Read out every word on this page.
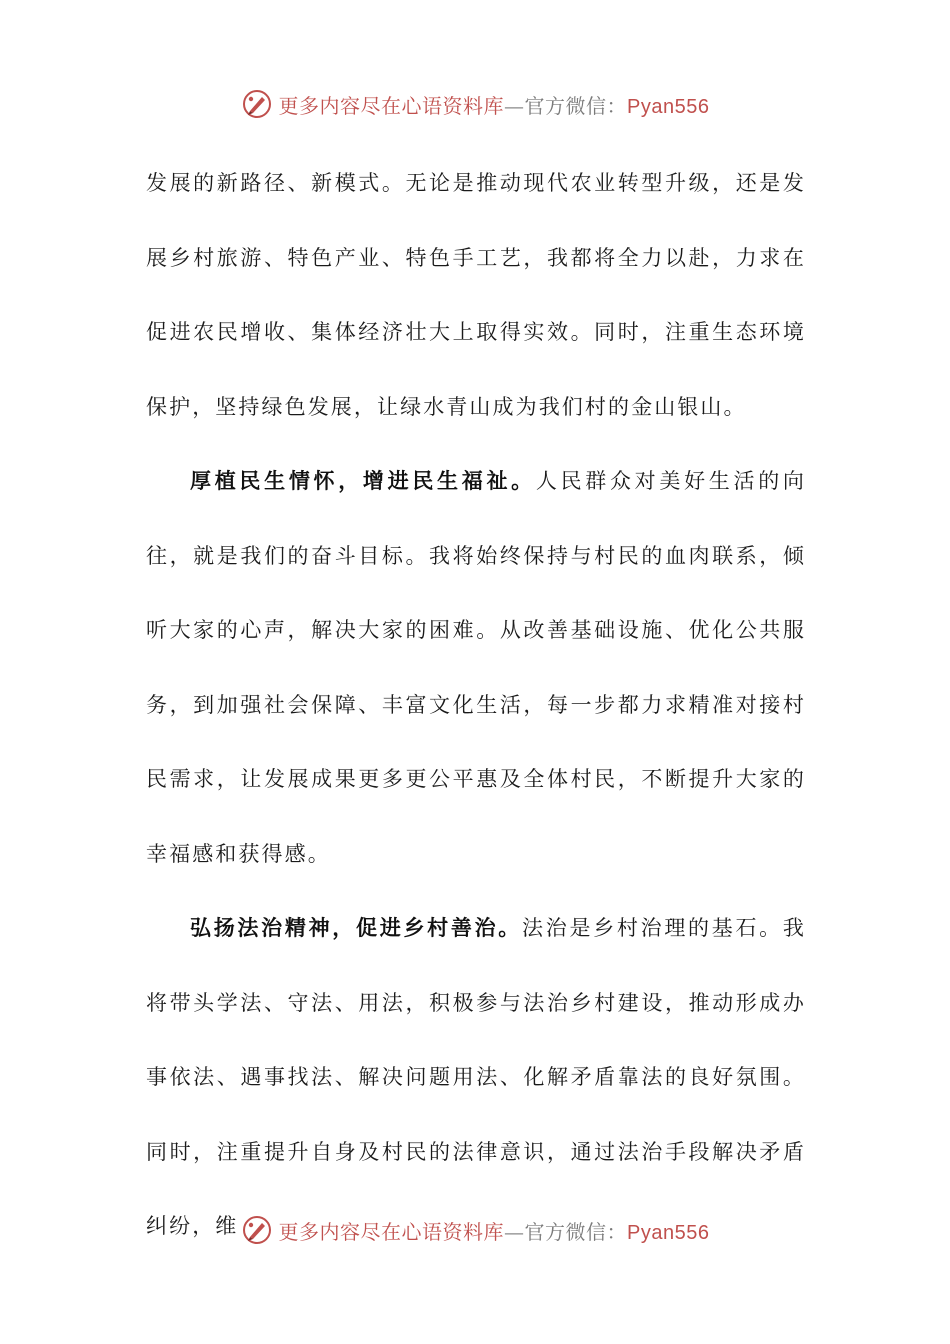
更多内容尽在心语资料库—官方微信：Pyan556

发展的新路径、新模式。无论是推动现代农业转型升级，还是发展乡村旅游、特色产业、特色手工艺，我都将全力以赴，力求在促进农民增收、集体经济壮大上取得实效。同时，注重生态环境保护，坚持绿色发展，让绿水青山成为我们村的金山银山。

厚植民生情怀，增进民生福祉。人民群众对美好生活的向往，就是我们的奋斗目标。我将始终保持与村民的血肉联系，倾听大家的心声，解决大家的困难。从改善基础设施、优化公共服务，到加强社会保障、丰富文化生活，每一步都力求精准对接村民需求，让发展成果更多更公平惠及全体村民，不断提升大家的幸福感和获得感。

弘扬法治精神，促进乡村善治。法治是乡村治理的基石。我将带头学法、守法、用法，积极参与法治乡村建设，推动形成办事依法、遇事找法、解决问题用法、化解矛盾靠法的良好氛围。同时，注重提升自身及村民的法律意识，通过法治手段解决矛盾纠纷，维	更多内容尽在心语资料库—官方微信：Pyan556
